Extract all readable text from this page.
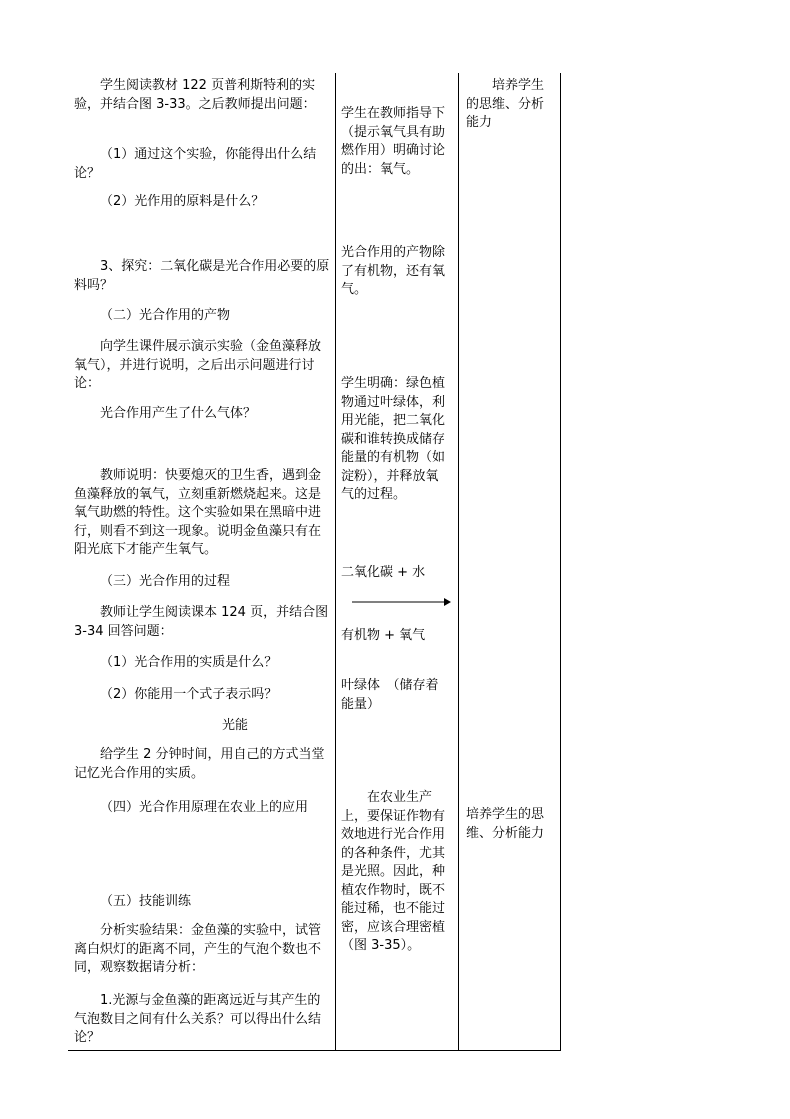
学生阅读教材 122 页普利斯特利的实验，并结合图 3-33。之后教师提出问题：
（1）通过这个实验，你能得出什么结论？
（2）光作用的原料是什么？
3、探究：二氧化碳是光合作用必要的原料吗？
（二）光合作用的产物
向学生课件展示演示实验（金鱼藻释放氧气），并进行说明，之后出示问题进行讨论：
光合作用产生了什么气体？
教师说明：快要熄灭的卫生香，遇到金鱼藻释放的氧气，立刻重新燃烧起来。这是氧气助燃的特性。这个实验如果在黑暗中进行，则看不到这一现象。说明金鱼藻只有在阳光底下才能产生氧气。
（三）光合作用的过程
教师让学生阅读课本 124 页，并结合图 3-34 回答问题：
（1）光合作用的实质是什么？
（2）你能用一个式子表示吗？
光能
给学生 2 分钟时间，用自己的方式当堂记忆光合作用的实质。
（四）光合作用原理在农业上的应用
（五）技能训练
分析实验结果：金鱼藻的实验中，试管离白炽灯的距离不同，产生的气泡个数也不同，观察数据请分析：
1.光源与金鱼藻的距离远近与其产生的气泡数目之间有什么关系？可以得出什么结论？
学生在教师指导下（提示氧气具有助燃作用）明确讨论的出：氧气。
光合作用的产物除了有机物，还有氧气。
学生明确：绿色植物通过叶绿体，利用光能，把二氧化碳和谁转换成储存能量的有机物（如淀粉），并释放氧气的过程。
二氧化碳 + 水
有机物 + 氧气
叶绿体　（储存着能量）
在农业生产上，要保证作物有效地进行光合作用的各种条件，尤其是光照。因此，种植农作物时，既不能过稀，也不能过密，应该合理密植（图 3-35）。
培养学生的思维、分析能力
培养学生的思维、分析能力
